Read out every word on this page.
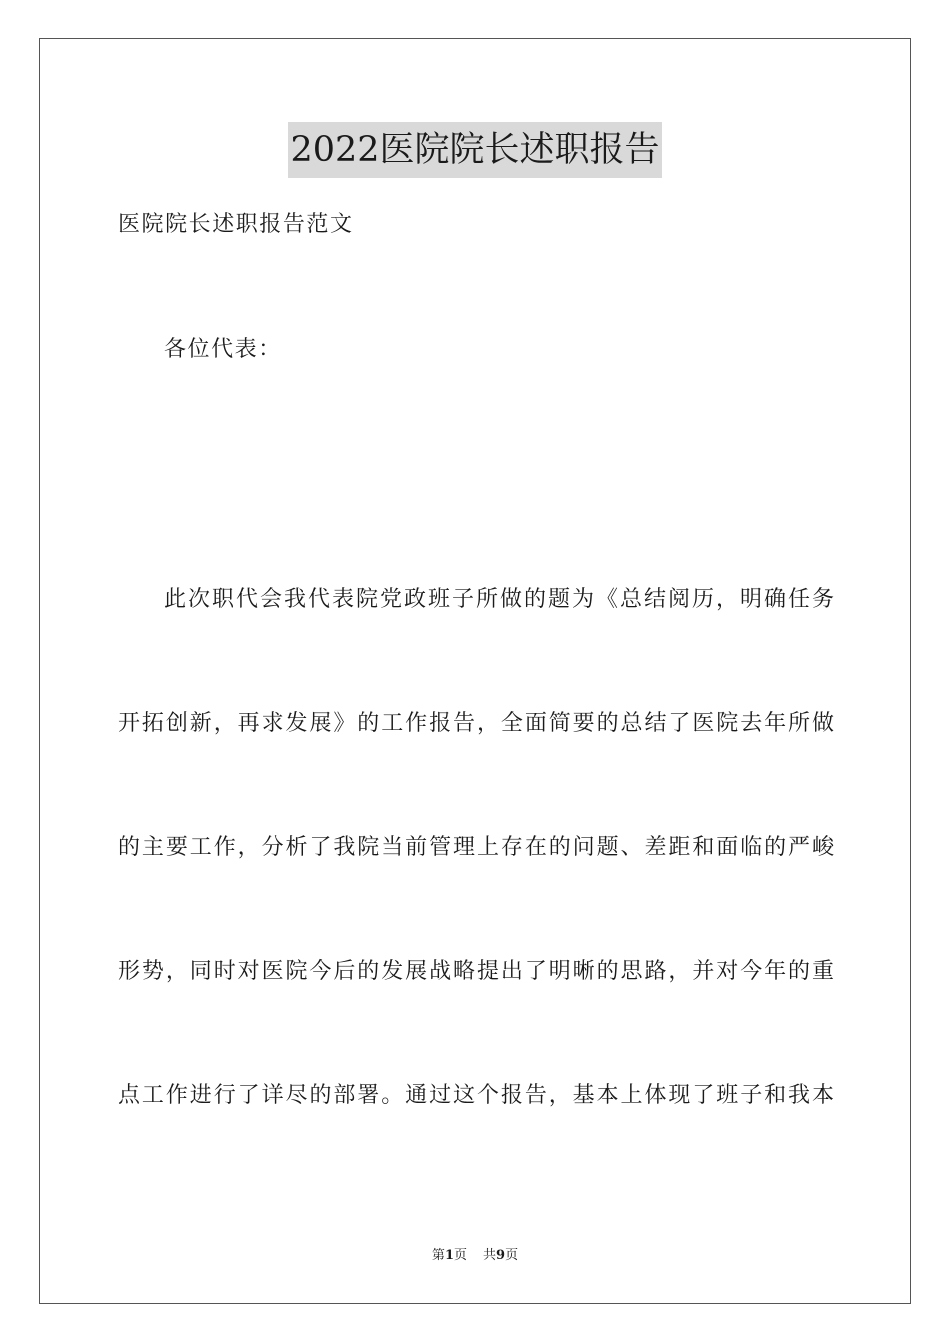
2022医院院长述职报告

医院院长述职报告范文

各位代表：

此次职代会我代表院党政班子所做的题为《总结阅历，明确任务

开拓创新，再求发展》的工作报告，全面简要的总结了医院去年所做

的主要工作，分析了我院当前管理上存在的问题、差距和面临的严峻

形势，同时对医院今后的发展战略提出了明晰的思路，并对今年的重

点工作进行了详尽的部署。通过这个报告，基本上体现了班子和我本

第1页 共9页
